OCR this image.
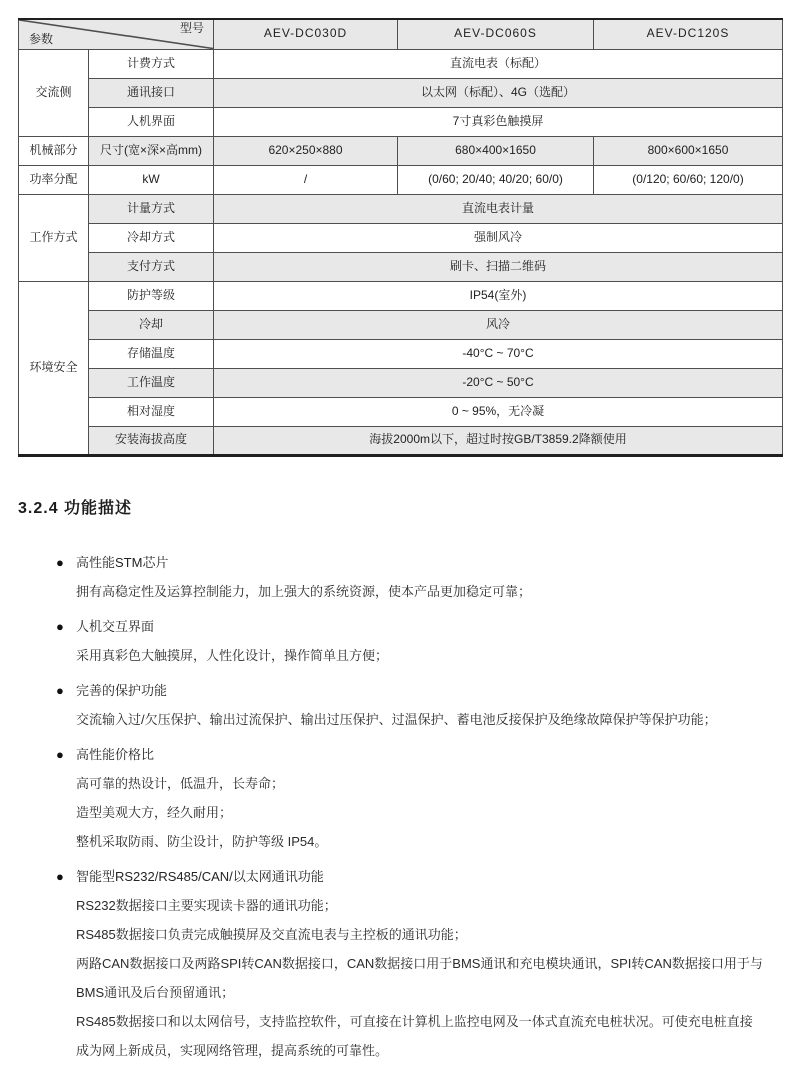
型号
参数		AEV-DC030D	AEV-DC060S	AEV-DC120S
交流侧	计费方式	直流电表（标配）		
	通讯接口	以太网（标配）、4G（选配）		
	人机界面	7寸真彩色触摸屏		
机械部分	尺寸(宽×深×高mm)	620×250×880	680×400×1650	800×600×1650
功率分配	kW	/	(0/60; 20/40; 40/20; 60/0)	(0/120; 60/60; 120/0)
工作方式	计量方式	直流电表计量		
	冷却方式	强制风冷		
	支付方式	刷卡、扫描二维码		
环境安全	防护等级	IP54(室外)		
	冷却	风冷		
	存储温度	-40°C ~ 70°C		
	工作温度	-20°C ~ 50°C		
	相对湿度	0 ~ 95%，无冷凝		
	安装海拔高度	海拔2000m以下，超过时按GB/T3859.2降额使用		
3.2.4 功能描述
● 高性能STM芯片

拥有高稳定性及运算控制能力，加上强大的系统资源，使本产品更加稳定可靠；

● 人机交互界面

采用真彩色大触摸屏，人性化设计，操作简单且方便；

● 完善的保护功能

交流输入过/欠压保护、输出过流保护、输出过压保护、过温保护、蓄电池反接保护及绝缘故障保护等保护功能；

● 高性能价格比

高可靠的热设计，低温升，长寿命；

造型美观大方，经久耐用；

整机采取防雨、防尘设计，防护等级 IP54。

● 智能型RS232/RS485/CAN/以太网通讯功能

RS232数据接口主要实现读卡器的通讯功能；

RS485数据接口负责完成触摸屏及交直流电表与主控板的通讯功能；

两路CAN数据接口及两路SPI转CAN数据接口，CAN数据接口用于BMS通讯和充电模块通讯，SPI转CAN数据接口用于与BMS通讯及后台预留通讯；

RS485数据接口和以太网信号，支持监控软件，可直接在计算机上监控电网及一体式直流充电桩状况。可使充电桩直接成为网上新成员，实现网络管理，提高系统的可靠性。
